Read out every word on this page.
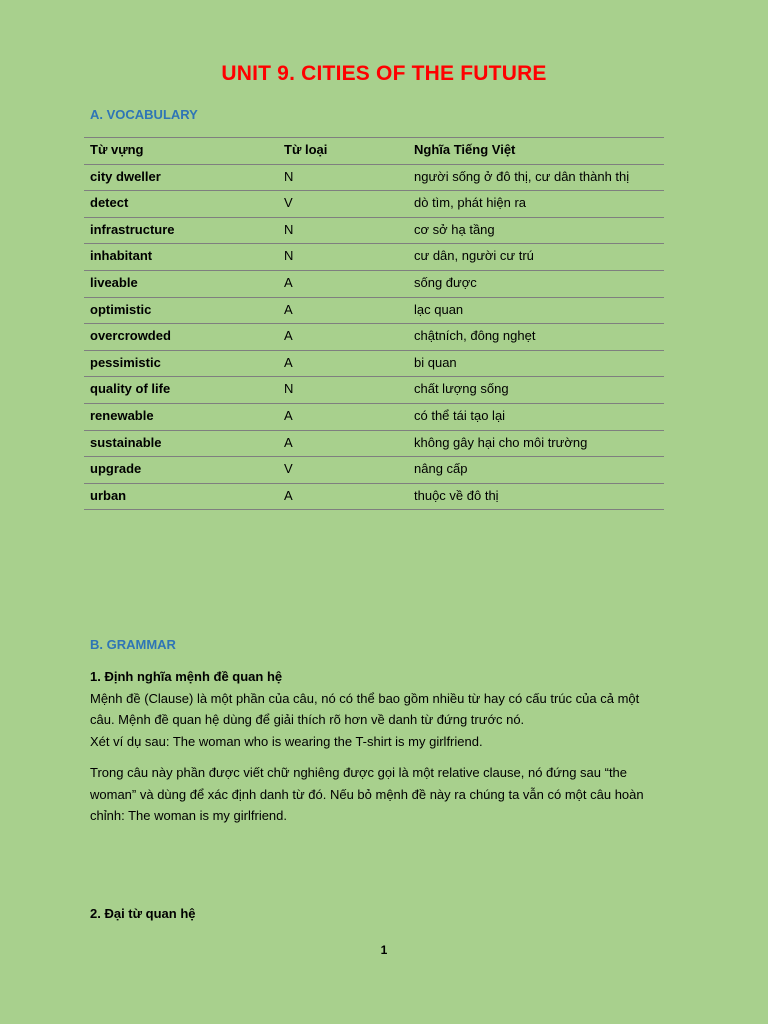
UNIT 9. CITIES OF THE FUTURE
A. VOCABULARY
Từ vựng	Từ loại	Nghĩa Tiếng Việt
city dweller	N	người sống ở đô thị, cư dân thành thị
detect	V	dò tìm, phát hiện ra
infrastructure	N	cơ sở hạ tầng
inhabitant	N	cư dân, người cư trú
liveable	A	sống được
optimistic	A	lạc quan
overcrowded	A	chậtních, đông nghẹt
pessimistic	A	bi quan
quality of life	N	chất lượng sống
renewable	A	có thể tái tạo lại
sustainable	A	không gây hại cho môi trường
upgrade	V	nâng cấp
urban	A	thuộc về đô thị
B. GRAMMAR
1. Định nghĩa mệnh đề quan hệ
Mệnh đề (Clause) là một phần của câu, nó có thể bao gồm nhiều từ hay có cấu trúc của cả một
câu. Mệnh đề quan hệ dùng để giải thích rõ hơn về danh từ đứng trước nó.
Xét ví dụ sau: The woman who is wearing the T-shirt is my girlfriend.
Trong câu này phần được viết chữ nghiêng được gọi là một relative clause, nó đứng sau “the
woman” và dùng để xác định danh từ đó. Nếu bỏ mệnh đề này ra chúng ta vẫn có một câu hoàn
chỉnh: The woman is my girlfriend.
2. Đại từ quan hệ
1
